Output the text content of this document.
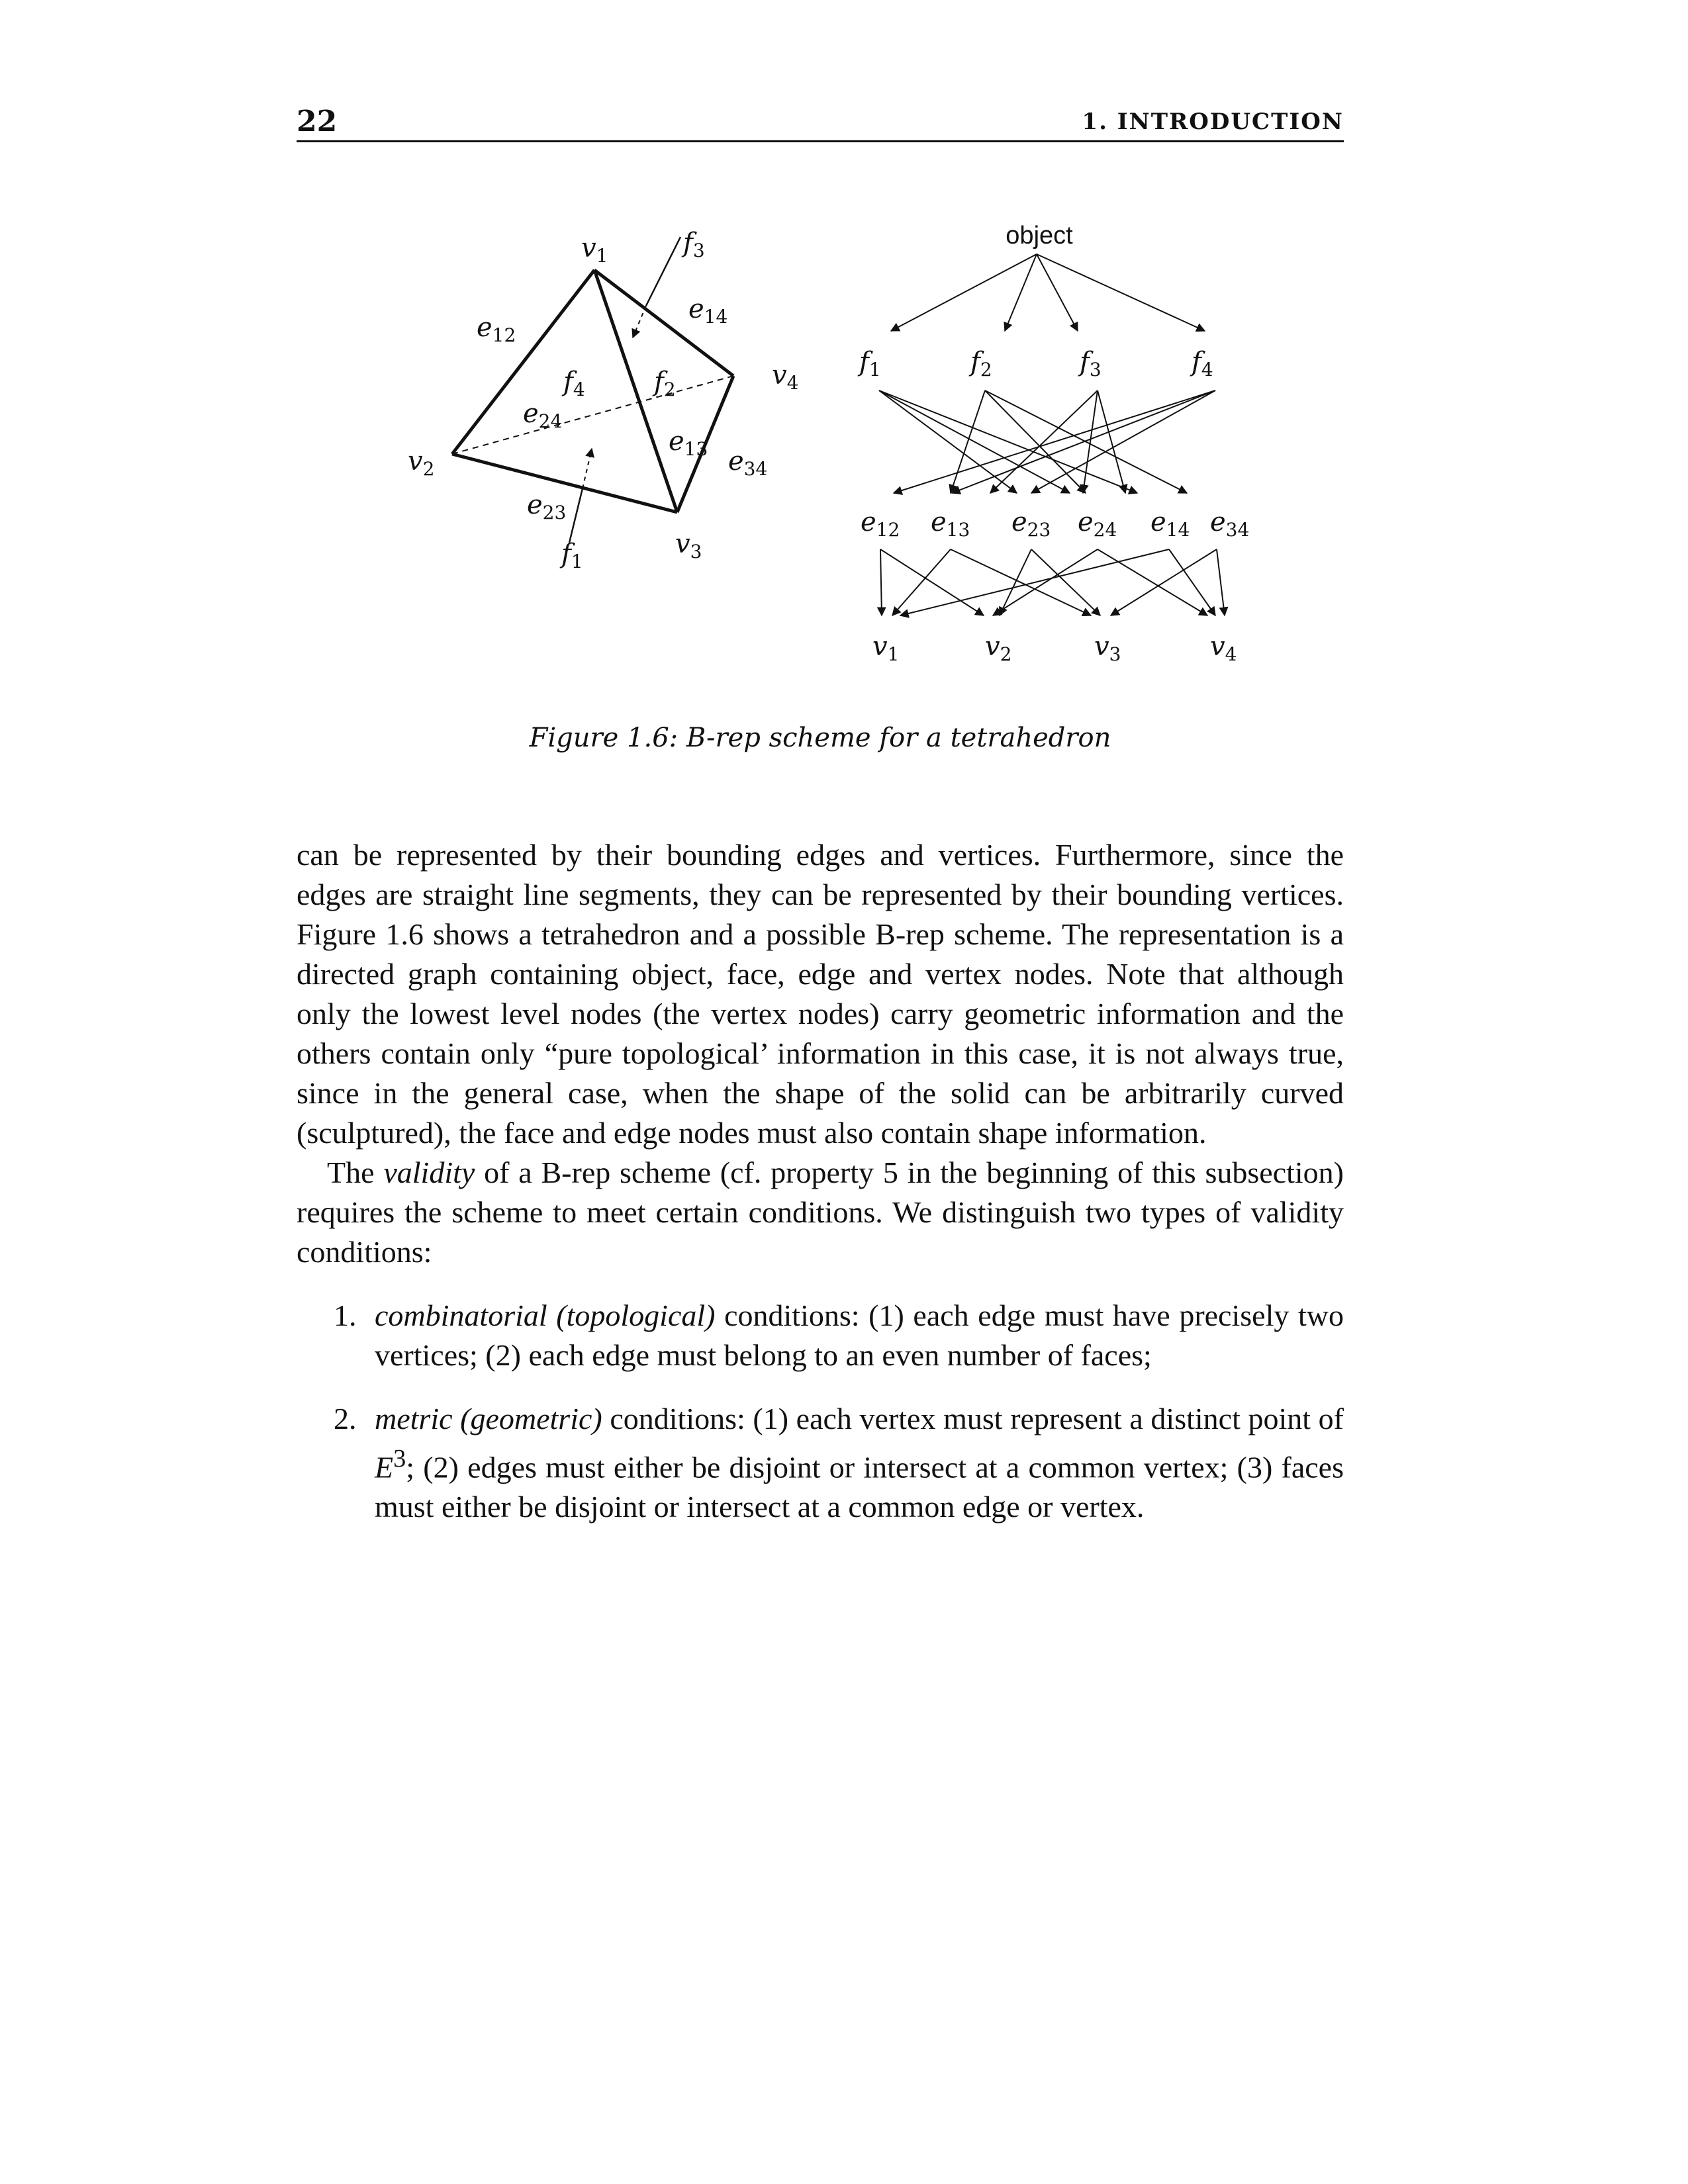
22	1. INTRODUCTION
$v_1$
$v_2$
$v_3$
$v_4$
$e_{12}$
$e_{14}$
$e_{24}$
$e_{13}$ $e_{34}$
$e_{23}$
$f_3$
$f_4$	$f_2$
$f_1$
object
$f_1$	$f_2$	$f_3$	$f_4$
$e_{12}$ $e_{13}$ $e_{23}$ $e_{24}$ $e_{14}$ $e_{34}$
$v_1$	$v_2$	$v_3$	$v_4$
Figure 1.6: B-rep scheme for a tetrahedron

can be represented by their bounding edges and vertices. Furthermore, since the edges are straight line segments, they can be represented by their bounding vertices. Figure 1.6 shows a tetrahedron and a possible B-rep scheme. The representation is a directed graph containing object, face, edge and vertex nodes. Note that although only the lowest level nodes (the vertex nodes) carry geometric information and the others contain only “pure topological’ information in this case, it is not always true, since in the general case, when the shape of the solid can be arbitrarily curved (sculptured), the face and edge nodes must also contain shape information.

The validity of a B-rep scheme (cf. property 5 in the beginning of this subsection) requires the scheme to meet certain conditions. We distinguish two types of validity conditions:

1. combinatorial (topological) conditions: (1) each edge must have precisely two vertices; (2) each edge must belong to an even number of faces;
2. metric (geometric) conditions: (1) each vertex must represent a distinct point of $E^3$; (2) edges must either be disjoint or intersect at a common vertex; (3) faces must either be disjoint or intersect at a common edge or vertex.
